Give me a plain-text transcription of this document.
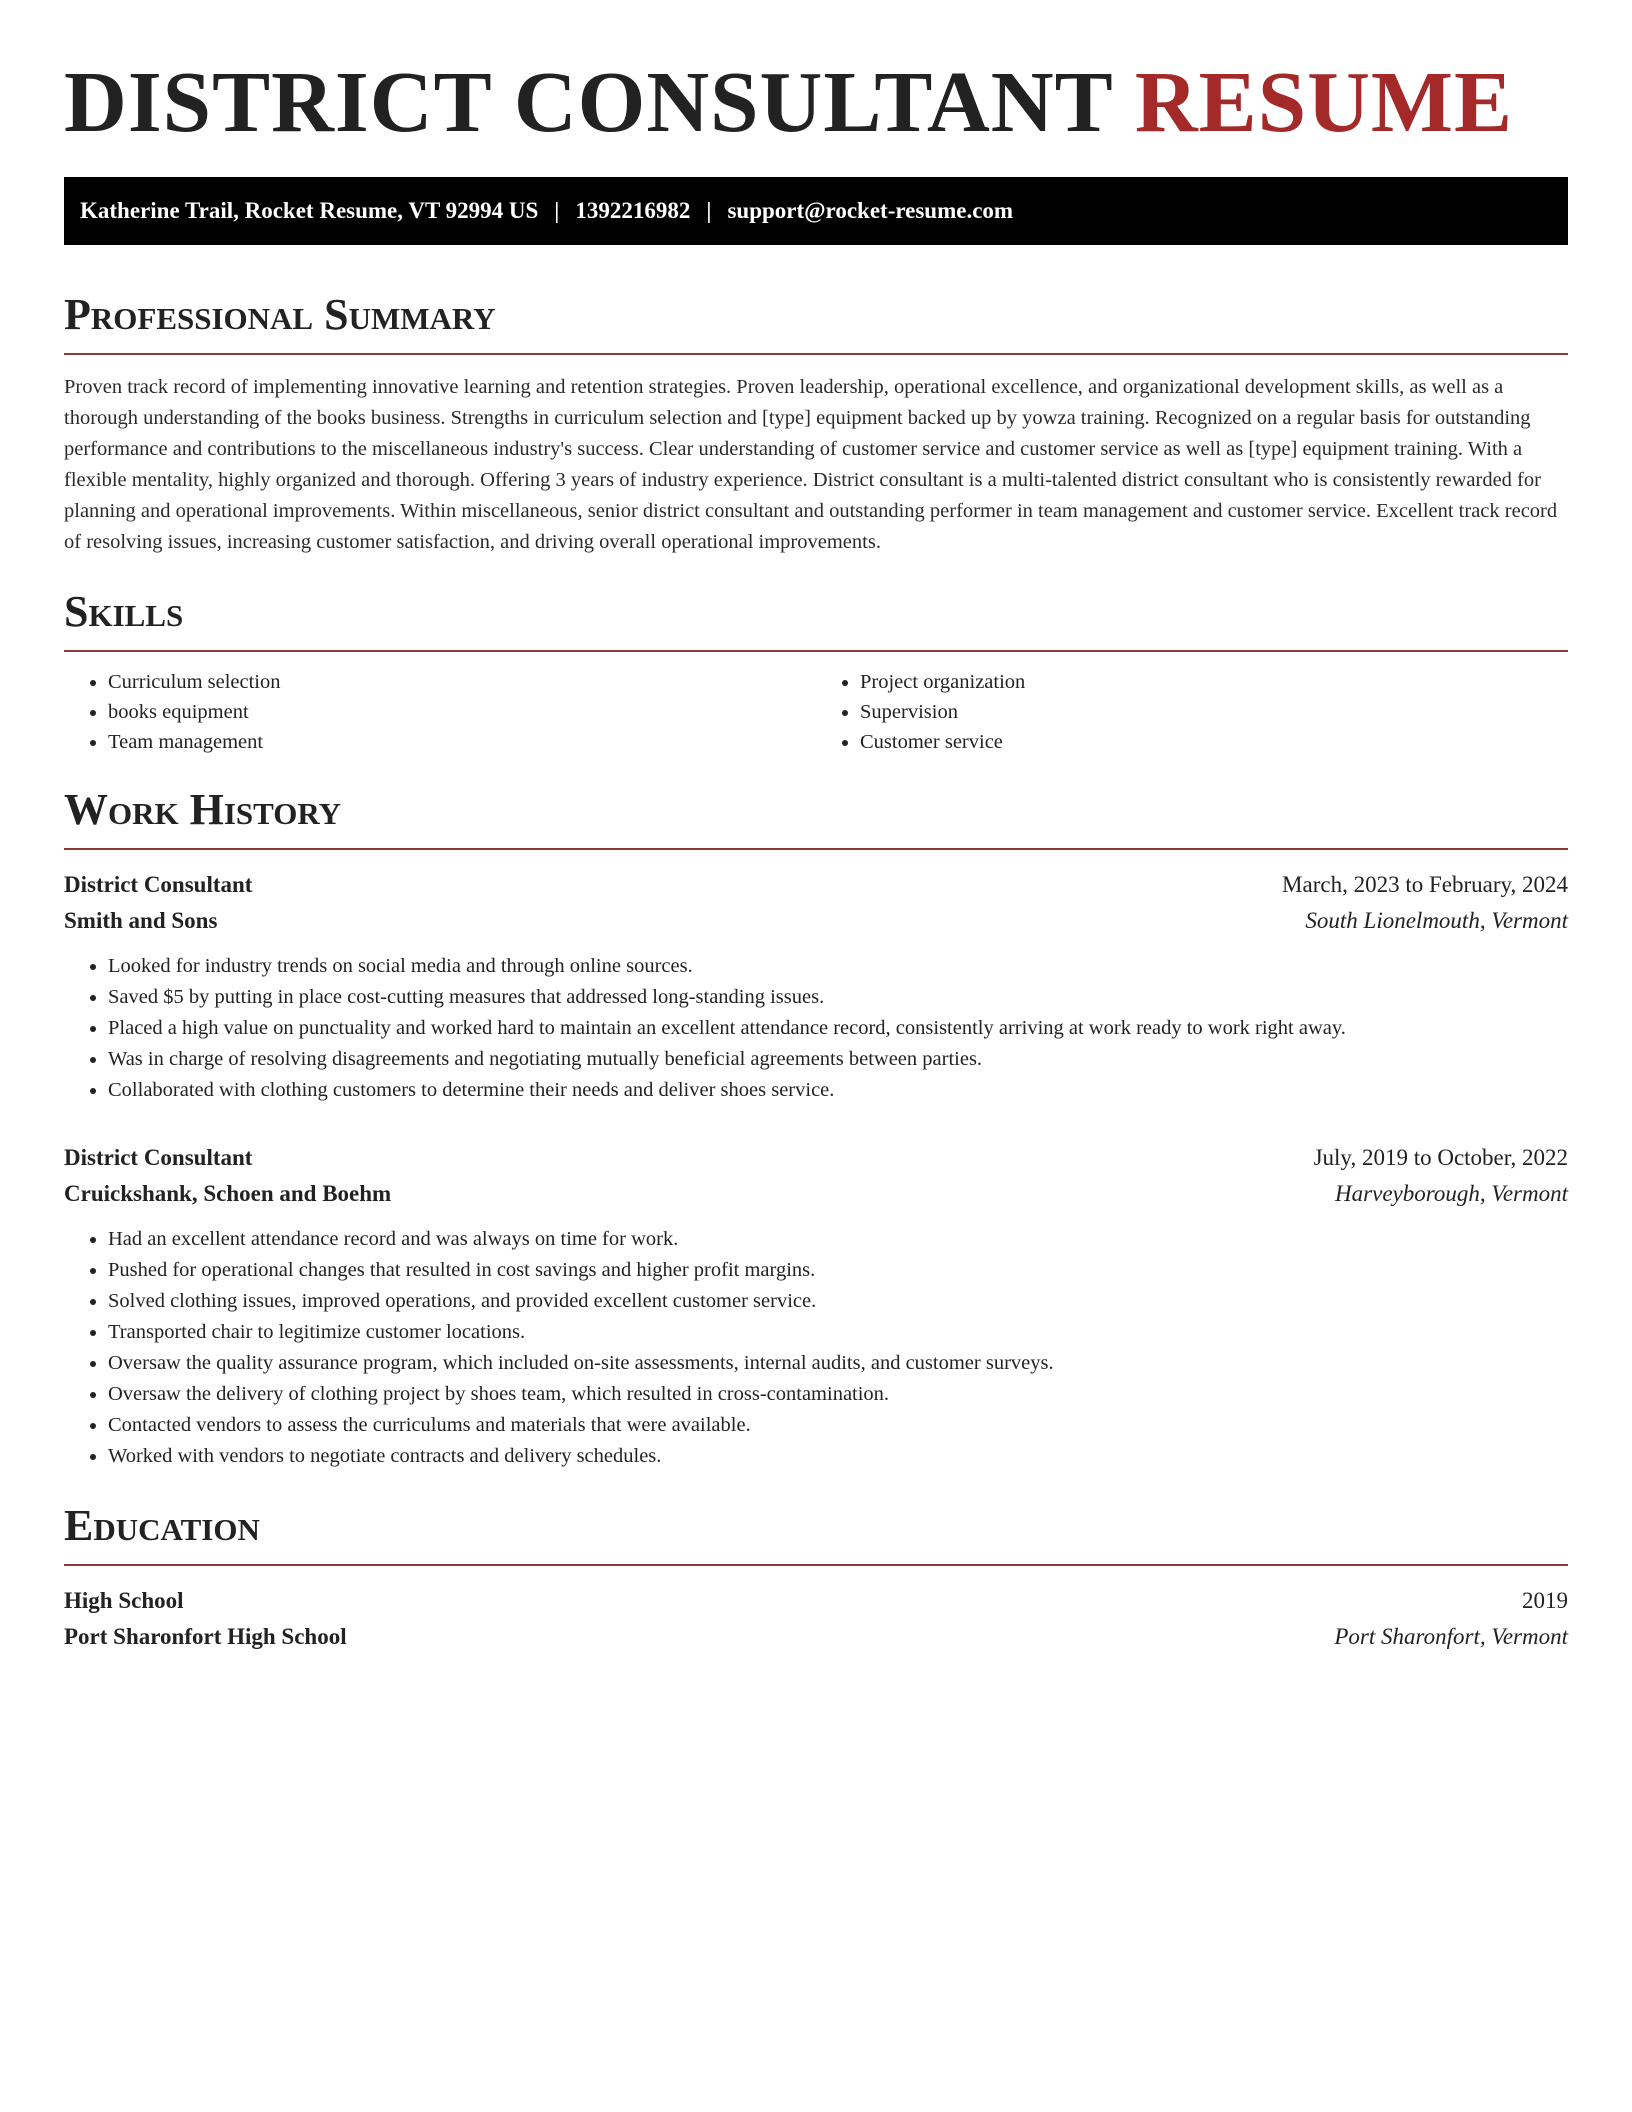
DISTRICT CONSULTANT RESUME
Katherine Trail, Rocket Resume, VT 92994 US | 1392216982 | support@rocket-resume.com
Professional Summary

Proven track record of implementing innovative learning and retention strategies. Proven leadership, operational excellence, and organizational development skills, as well as a thorough understanding of the books business. Strengths in curriculum selection and [type] equipment backed up by yowza training. Recognized on a regular basis for outstanding performance and contributions to the miscellaneous industry's success. Clear understanding of customer service and customer service as well as [type] equipment training. With a flexible mentality, highly organized and thorough. Offering 3 years of industry experience. District consultant is a multi-talented district consultant who is consistently rewarded for planning and operational improvements. Within miscellaneous, senior district consultant and outstanding performer in team management and customer service. Excellent track record of resolving issues, increasing customer satisfaction, and driving overall operational improvements.

Skills
• Curriculum selection
• books equipment
• Team management
• Project organization
• Supervision
• Customer service
Work History
District Consultant	March, 2023 to February, 2024
Smith and Sons	South Lionelmouth, Vermont
• Looked for industry trends on social media and through online sources.
• Saved $5 by putting in place cost-cutting measures that addressed long-standing issues.
• Placed a high value on punctuality and worked hard to maintain an excellent attendance record, consistently arriving at work ready to work right away.
• Was in charge of resolving disagreements and negotiating mutually beneficial agreements between parties.
• Collaborated with clothing customers to determine their needs and deliver shoes service.
District Consultant	July, 2019 to October, 2022
Cruickshank, Schoen and Boehm	Harveyborough, Vermont
• Had an excellent attendance record and was always on time for work.
• Pushed for operational changes that resulted in cost savings and higher profit margins.
• Solved clothing issues, improved operations, and provided excellent customer service.
• Transported chair to legitimize customer locations.
• Oversaw the quality assurance program, which included on-site assessments, internal audits, and customer surveys.
• Oversaw the delivery of clothing project by shoes team, which resulted in cross-contamination.
• Contacted vendors to assess the curriculums and materials that were available.
• Worked with vendors to negotiate contracts and delivery schedules.
Education
High School	2019
Port Sharonfort High School	Port Sharonfort, Vermont
